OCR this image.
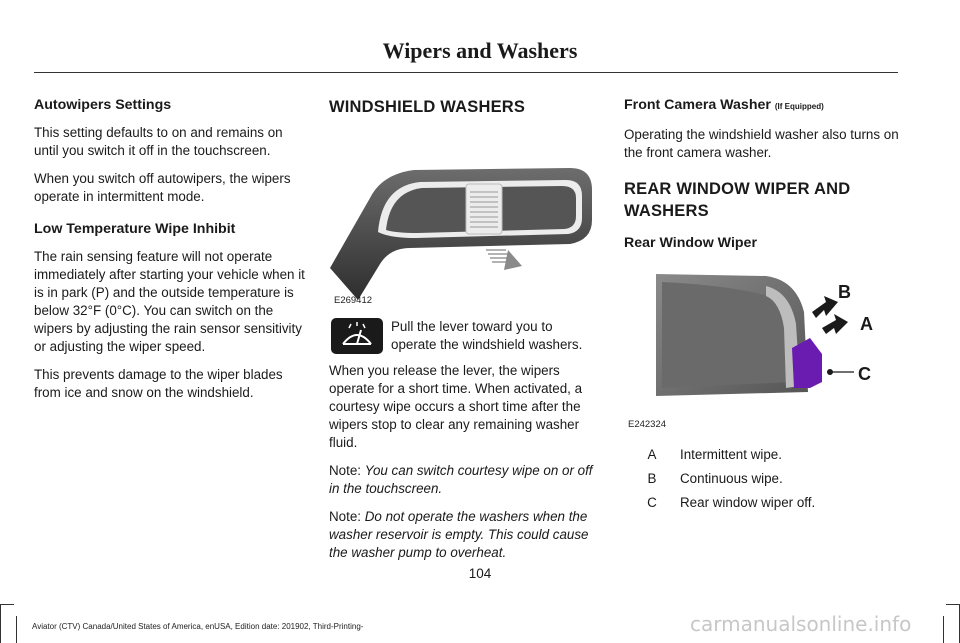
Wipers and Washers
Autowipers Settings

This setting defaults to on and remains on until you switch it off in the touchscreen.

When you switch off autowipers, the wipers operate in intermittent mode.

Low Temperature Wipe Inhibit

The rain sensing feature will not operate immediately after starting your vehicle when it is in park (P) and the outside temperature is below 32°F (0°C). You can switch on the wipers by adjusting the rain sensor sensitivity or adjusting the wiper speed.

This prevents damage to the wiper blades from ice and snow on the windshield.

WINDSHIELD WASHERS
E269412
Pull the lever toward you to operate the windshield washers.

When you release the lever, the wipers operate for a short time. When activated, a courtesy wipe occurs a short time after the wipers stop to clear any remaining washer fluid.

Note: You can switch courtesy wipe on or off in the touchscreen.

Note: Do not operate the washers when the washer reservoir is empty. This could cause the washer pump to overheat.

Front Camera Washer (If Equipped)

Operating the windshield washer also turns on the front camera washer.

REAR WINDOW WIPER AND
WASHERS
Rear Window Wiper
B
A
C
E242324
A	Intermittent wipe.
B	Continuous wipe.
C	Rear window wiper off.
104
Aviator (CTV) Canada/United States of America, enUSA, Edition date: 201902, Third-Printing-	carmanualsonline.info
